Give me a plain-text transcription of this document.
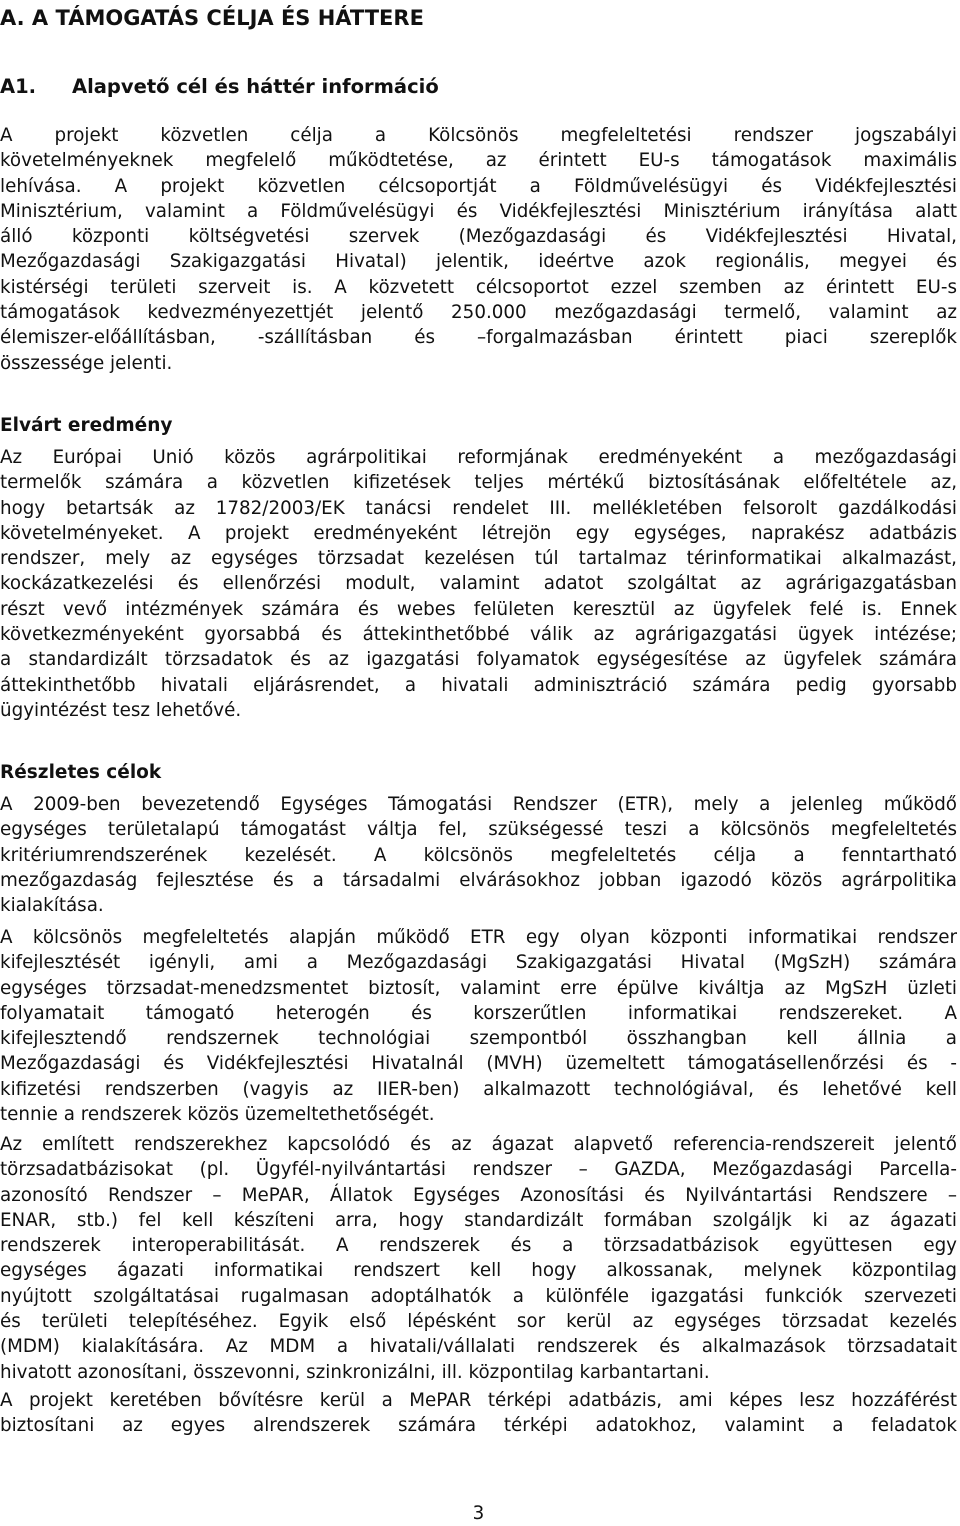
A. A TÁMOGATÁS CÉLJA ÉS HÁTTERE
A1. Alapvető cél és háttér információ
A projekt közvetlen célja a Kölcsönös megfeleltetési rendszer jogszabályi
követelményeknek megfelelő működtetése, az érintett EU-s támogatások maximális
lehívása. A projekt közvetlen célcsoportját a Földművelésügyi és Vidékfejlesztési
Minisztérium, valamint a Földművelésügyi és Vidékfejlesztési Minisztérium irányítása alatt
álló központi költségvetési szervek (Mezőgazdasági és Vidékfejlesztési Hivatal,
Mezőgazdasági Szakigazgatási Hivatal) jelentik, ideértve azok regionális, megyei és
kistérségi területi szerveit is. A közvetett célcsoportot ezzel szemben az érintett EU-s
támogatások kedvezményezettjét jelentő 250.000 mezőgazdasági termelő, valamint az
élemiszer-előállításban, -szállításban és –forgalmazásban érintett piaci szereplők
összessége jelenti.
Elvárt eredmény
Az Európai Unió közös agrárpolitikai reformjának eredményeként a mezőgazdasági
termelők számára a közvetlen kifizetések teljes mértékű biztosításának előfeltétele az,
hogy betartsák az 1782/2003/EK tanácsi rendelet III. mellékletében felsorolt gazdálkodási
követelményeket. A projekt eredményeként létrejön egy egységes, naprakész adatbázis
rendszer, mely az egységes törzsadat kezelésen túl tartalmaz térinformatikai alkalmazást,
kockázatkezelési és ellenőrzési modult, valamint adatot szolgáltat az agrárigazgatásban
részt vevő intézmények számára és webes felületen keresztül az ügyfelek felé is. Ennek
következményeként gyorsabbá és áttekinthetőbbé válik az agrárigazgatási ügyek intézése;
a standardizált törzsadatok és az igazgatási folyamatok egységesítése az ügyfelek számára
áttekinthetőbb hivatali eljárásrendet, a hivatali adminisztráció számára pedig gyorsabb
ügyintézést tesz lehetővé.
Részletes célok
A 2009-ben bevezetendő Egységes Támogatási Rendszer (ETR), mely a jelenleg működő
egységes területalapú támogatást váltja fel, szükségessé teszi a kölcsönös megfeleltetés
kritériumrendszerének kezelését. A kölcsönös megfeleltetés célja a fenntartható
mezőgazdaság fejlesztése és a társadalmi elvárásokhoz jobban igazodó közös agrárpolitika
kialakítása.
A kölcsönös megfeleltetés alapján működő ETR egy olyan központi informatikai rendszer
kifejlesztését igényli, ami a Mezőgazdasági Szakigazgatási Hivatal (MgSzH) számára
egységes törzsadat-menedzsmentet biztosít, valamint erre épülve kiváltja az MgSzH üzleti
folyamatait támogató heterogén és korszerűtlen informatikai rendszereket. A
kifejlesztendő rendszernek technológiai szempontból összhangban kell állnia a
Mezőgazdasági és Vidékfejlesztési Hivatalnál (MVH) üzemeltett támogatásellenőrzési és -
kifizetési rendszerben (vagyis az IIER-ben) alkalmazott technológiával, és lehetővé kell
tennie a rendszerek közös üzemeltethetőségét.
Az említett rendszerekhez kapcsolódó és az ágazat alapvető referencia-rendszereit jelentő
törzsadatbázisokat (pl. Ügyfél-nyilvántartási rendszer – GAZDA, Mezőgazdasági Parcella-
azonosító Rendszer – MePAR, Állatok Egységes Azonosítási és Nyilvántartási Rendszere –
ENAR, stb.) fel kell készíteni arra, hogy standardizált formában szolgáljk ki az ágazati
rendszerek interoperabilitását. A rendszerek és a törzsadatbázisok együttesen egy
egységes ágazati informatikai rendszert kell hogy alkossanak, melynek központilag
nyújtott szolgáltatásai rugalmasan adoptálhatók a különféle igazgatási funkciók szervezeti
és területi telepítéséhez. Egyik első lépésként sor kerül az egységes törzsadat kezelés
(MDM) kialakítására. Az MDM a hivatali/vállalati rendszerek és alkalmazások törzsadatait
hivatott azonosítani, összevonni, szinkronizálni, ill. központilag karbantartani.
A projekt keretében bővítésre kerül a MePAR térképi adatbázis, ami képes lesz hozzáférést
biztosítani az egyes alrendszerek számára térképi adatokhoz, valamint a feladatok
3
